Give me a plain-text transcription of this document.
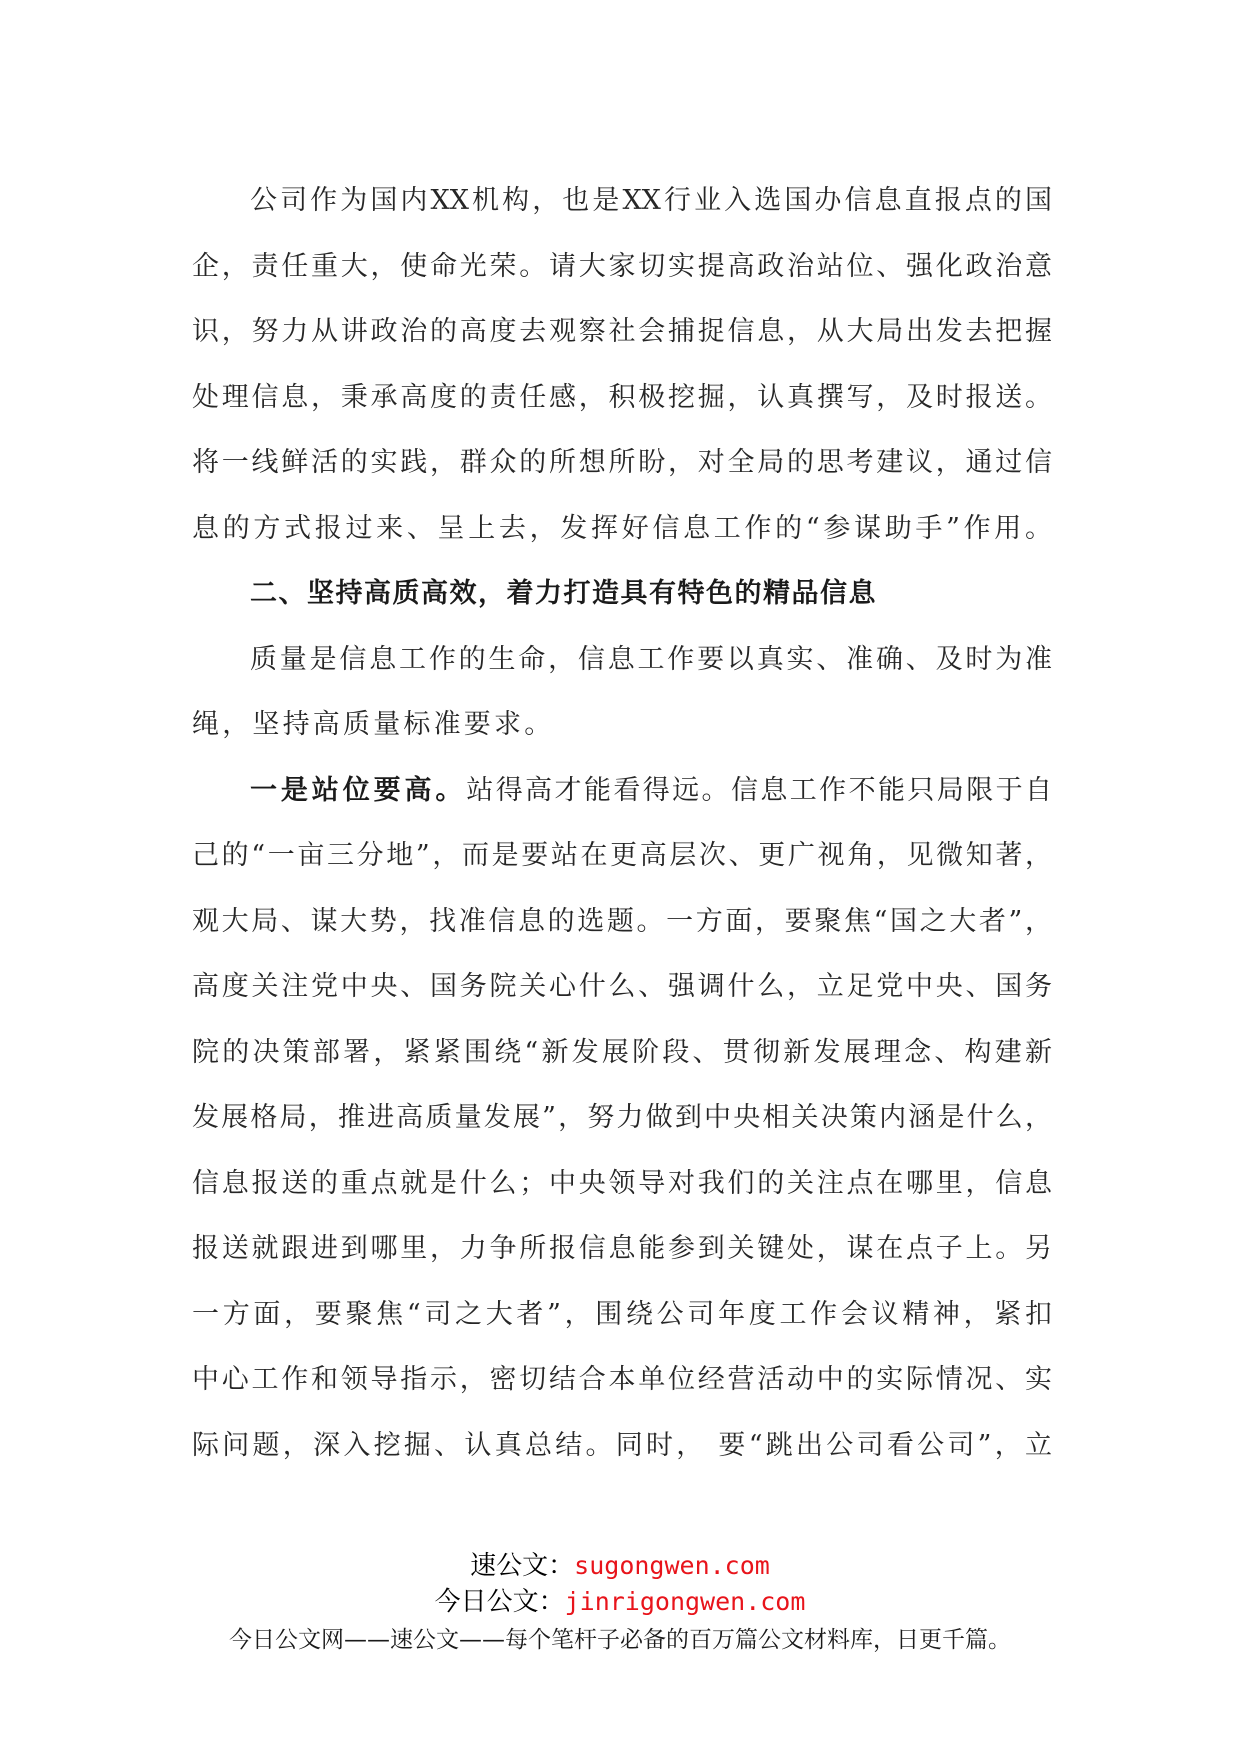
公司作为国内XX机构，也是XX行业入选国办信息直报点的国
企，责任重大，使命光荣。请大家切实提高政治站位、强化政治意
识，努力从讲政治的高度去观察社会捕捉信息，从大局出发去把握
处理信息，秉承高度的责任感，积极挖掘，认真撰写，及时报送。
将一线鲜活的实践，群众的所想所盼，对全局的思考建议，通过信
息的方式报过来、呈上去，发挥好信息工作的“参谋助手”作用。
二、坚持高质高效，着力打造具有特色的精品信息
质量是信息工作的生命，信息工作要以真实、准确、及时为准
绳，坚持高质量标准要求。
一是站位要高。站得高才能看得远。信息工作不能只局限于自
己的“一亩三分地”，而是要站在更高层次、更广视角，见微知著，
观大局、谋大势，找准信息的选题。一方面，要聚焦“国之大者”，
高度关注党中央、国务院关心什么、强调什么，立足党中央、国务
院的决策部署，紧紧围绕“新发展阶段、贯彻新发展理念、构建新
发展格局，推进高质量发展”，努力做到中央相关决策内涵是什么，
信息报送的重点就是什么；中央领导对我们的关注点在哪里，信息
报送就跟进到哪里，力争所报信息能参到关键处，谋在点子上。另
一方面，要聚焦“司之大者”，围绕公司年度工作会议精神，紧扣
中心工作和领导指示，密切结合本单位经营活动中的实际情况、实
际问题，深入挖掘、认真总结。同时， 要“跳出公司看公司”，立
速公文：sugongwen.com
今日公文：jinrigongwen.com
今日公文网——速公文——每个笔杆子必备的百万篇公文材料库，日更千篇。
